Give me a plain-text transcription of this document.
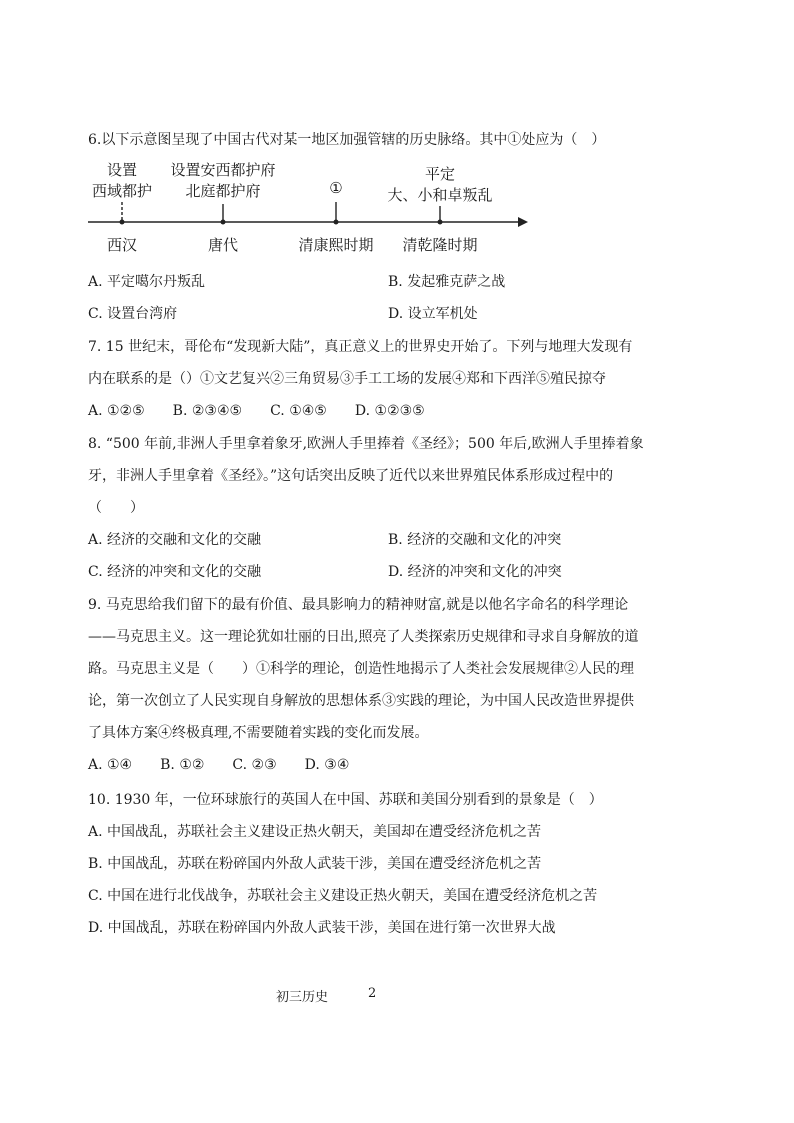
6.以下示意图呈现了中国古代对某一地区加强管辖的历史脉络。其中①处应为（　）

设置
西域都护
西汉
设置安西都护府
北庭都护府
唐代
①
清康熙时期
平定
大、小和卓叛乱
清乾隆时期
A. 平定噶尔丹叛乱	B. 发起雅克萨之战
C. 设置台湾府	D. 设立军机处
7. 15 世纪末，哥伦布“发现新大陆”，真正意义上的世界史开始了。下列与地理大发现有
内在联系的是（）①文艺复兴②三角贸易③手工工场的发展④郑和下西洋⑤殖民掠夺
A. ①②⑤ B. ②③④⑤ C. ①④⑤ D. ①②③⑤
8. “500 年前,非洲人手里拿着象牙,欧洲人手里捧着《圣经》；500 年后,欧洲人手里捧着象
牙，非洲人手里拿着《圣经》。”这句话突出反映了近代以来世界殖民体系形成过程中的
（　　）
A. 经济的交融和文化的交融	B. 经济的交融和文化的冲突
C. 经济的冲突和文化的交融	D. 经济的冲突和文化的冲突
9. 马克思给我们留下的最有价值、最具影响力的精神财富,就是以他名字命名的科学理论
——马克思主义。这一理论犹如壮丽的日出,照亮了人类探索历史规律和寻求自身解放的道
路。马克思主义是（　　）①科学的理论，创造性地揭示了人类社会发展规律②人民的理
论，第一次创立了人民实现自身解放的思想体系③实践的理论，为中国人民改造世界提供
了具体方案④终极真理,不需要随着实践的变化而发展。
A. ①④ B. ①② C. ②③ D. ③④
10. 1930 年，一位环球旅行的英国人在中国、苏联和美国分别看到的景象是（　）
A. 中国战乱，苏联社会主义建设正热火朝天，美国却在遭受经济危机之苦
B. 中国战乱，苏联在粉碎国内外敌人武装干涉，美国在遭受经济危机之苦
C. 中国在进行北伐战争，苏联社会主义建设正热火朝天，美国在遭受经济危机之苦
D. 中国战乱，苏联在粉碎国内外敌人武装干涉，美国在进行第一次世界大战
初三历史	2
